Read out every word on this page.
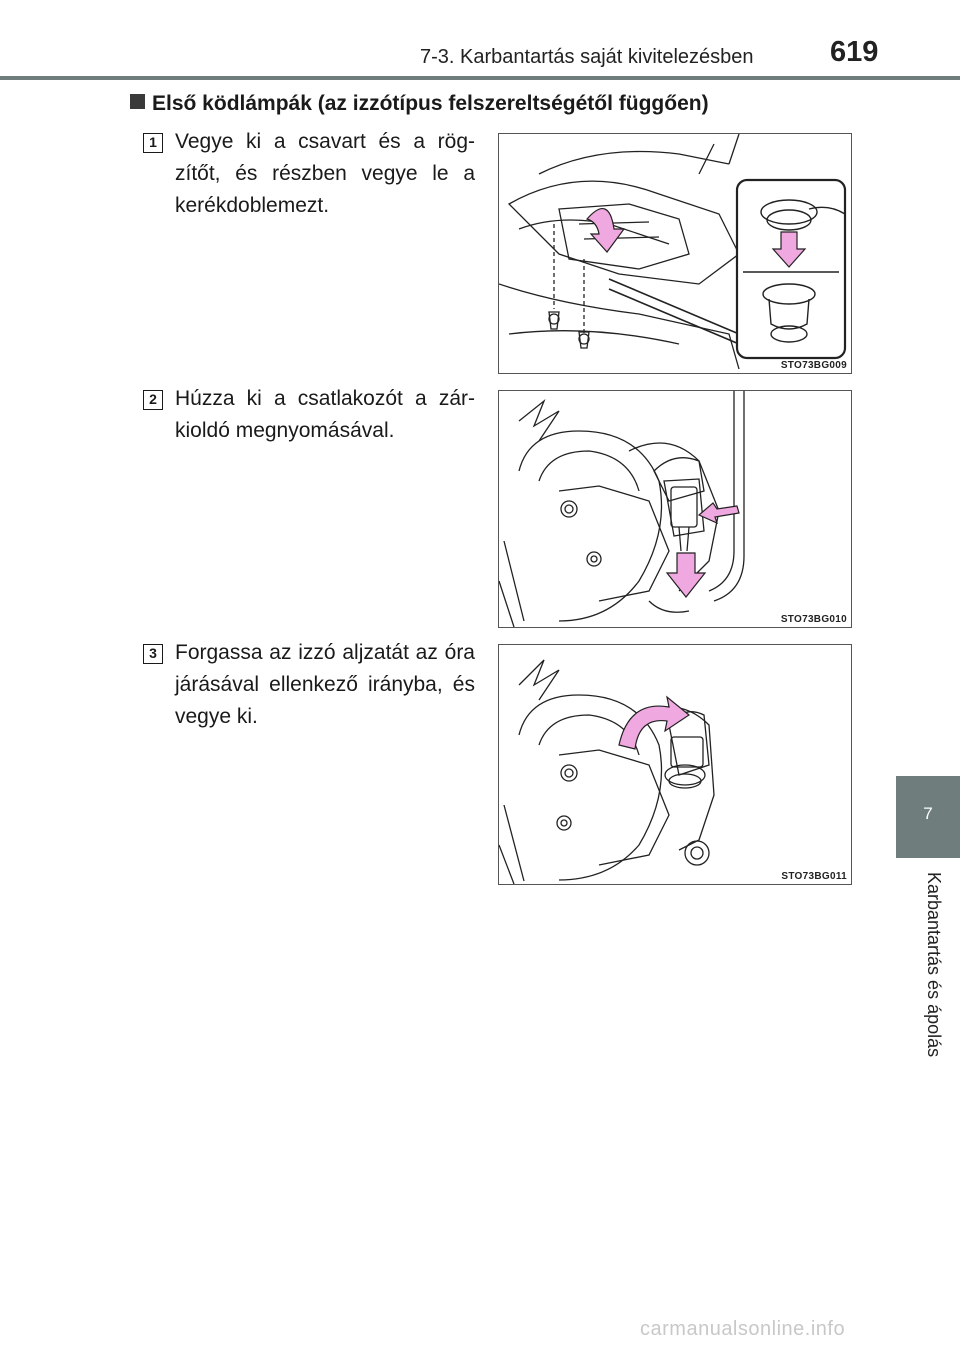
7-3. Karbantartás saját kivitelezésben	619
Első ködlámpák (az izzótípus felszereltségétől függően)
1 Vegye ki a csavart és a rög-zítőt, és részben vegye le a kerékdoblemezt.
STO73BG009
2 Húzza ki a csatlakozót a zár-kioldó megnyomásával.
STO73BG010
3 Forgassa az izzó aljzatát az óra járásával ellenkező irányba, és vegye ki.
STO73BG011
7
Karbantartás és ápolás
carmanualsonline.info
